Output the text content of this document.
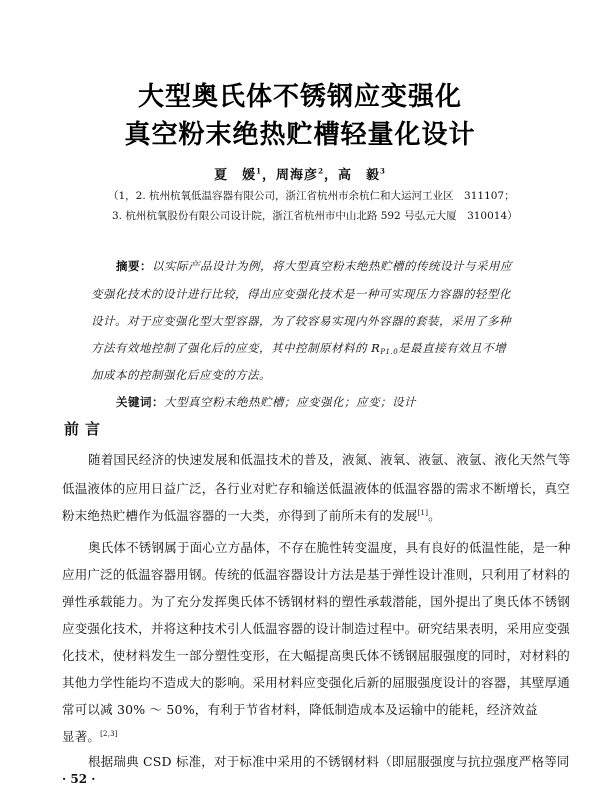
大型奥氏体不锈钢应变强化
真空粉末绝热贮槽轻量化设计
夏　媛$^1$，周海彦$^2$，高　毅$^3$
（1，2. 杭州杭氧低温容器有限公司，浙江省杭州市余杭仁和大运河工业区　311107；
3. 杭州杭氧股份有限公司设计院，浙江省杭州市中山北路 592 号弘元大厦　310014）
摘要：以实际产品设计为例，将大型真空粉末绝热贮槽的传统设计与采用应
变强化技术的设计进行比较，得出应变强化技术是一种可实现压力容器的轻型化
设计。对于应变强化型大型容器，为了较容易实现内外容器的套装，采用了多种
方法有效地控制了强化后的应变，其中控制原材料的 $R_{P1.0}$是最直接有效且不增
加成本的控制强化后应变的方法。
关键词：大型真空粉末绝热贮槽；应变强化；应变；设计
前言
随着国民经济的快速发展和低温技术的普及，液氮、液氧、液氩、液氩、液化天然气等
低温液体的应用日益广泛，各行业对贮存和输送低温液体的低温容器的需求不断增长，真空
粉末绝热贮槽作为低温容器的一大类，亦得到了前所未有的发展[1]。
奥氏体不锈钢属于面心立方晶体，不存在脆性转变温度，具有良好的低温性能，是一种
应用广泛的低温容器用钢。传统的低温容器设计方法是基于弹性设计准则，只利用了材料的
弹性承载能力。为了充分发挥奥氏体不锈钢材料的塑性承载潜能，国外提出了奥氏体不锈钢
应变强化技术，并将这种技术引人低温容器的设计制造过程中。研究结果表明，采用应变强
化技术，使材料发生一部分塑性变形，在大幅提高奥氏体不锈钢屈服强度的同时，对材料的
其他力学性能均不造成大的影响。采用材料应变强化后新的屈服强度设计的容器，其壁厚通
常可以减 30% ～ 50%，有利于节省材料，降低制造成本及运输中的能耗，经济效益
显著。[2,3]
根据瑞典 CSD 标准，对于标准中采用的不锈钢材料（即屈服强度与抗拉强度严格等同
· 52 ·
